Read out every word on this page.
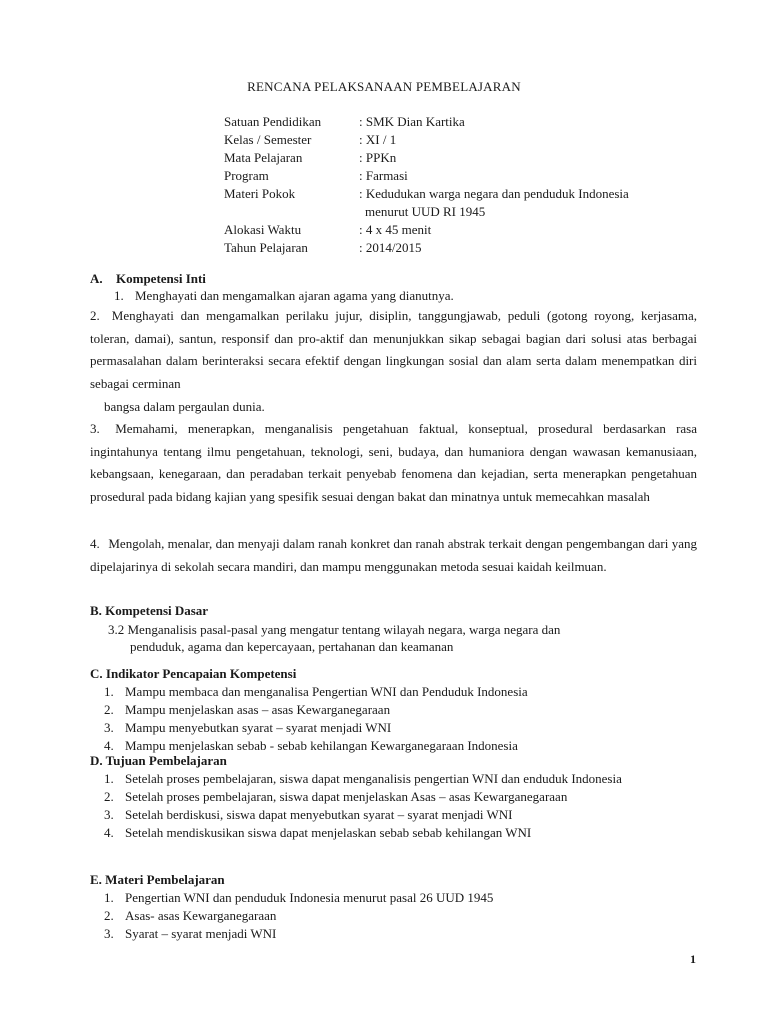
RENCANA PELAKSANAAN PEMBELAJARAN
Satuan Pendidikan	: SMK Dian Kartika
Kelas / Semester	: XI / 1
Mata Pelajaran	: PPKn
Program	: Farmasi
Materi Pokok	: Kedudukan warga negara dan penduduk Indonesia
menurut UUD RI 1945
Alokasi Waktu	: 4 x 45 menit
Tahun Pelajaran	: 2014/2015
A. Kompetensi Inti
1. Menghayati dan mengamalkan ajaran agama yang dianutnya.
2. Menghayati dan mengamalkan perilaku jujur, disiplin, tanggungjawab, peduli (gotong royong, kerjasama, toleran, damai), santun, responsif dan pro-aktif dan menunjukkan sikap sebagai bagian dari solusi atas berbagai permasalahan dalam berinteraksi secara efektif dengan lingkungan sosial dan alam serta dalam menempatkan diri sebagai cerminan
bangsa dalam pergaulan dunia.
3. Memahami, menerapkan, menganalisis pengetahuan faktual, konseptual, prosedural berdasarkan rasa ingintahunya tentang ilmu pengetahuan, teknologi, seni, budaya, dan humaniora dengan wawasan kemanusiaan, kebangsaan, kenegaraan, dan peradaban terkait penyebab fenomena dan kejadian, serta menerapkan pengetahuan prosedural pada bidang kajian yang spesifik sesuai dengan bakat dan minatnya untuk memecahkan masalah
4. Mengolah, menalar, dan menyaji dalam ranah konkret dan ranah abstrak terkait dengan pengembangan dari yang dipelajarinya di sekolah secara mandiri, dan mampu menggunakan metoda sesuai kaidah keilmuan.
B. Kompetensi Dasar
3.2 Menganalisis pasal-pasal yang mengatur tentang wilayah negara, warga negara dan
penduduk, agama dan kepercayaan, pertahanan dan keamanan
C. Indikator Pencapaian Kompetensi
1. Mampu membaca dan menganalisa Pengertian WNI dan Penduduk Indonesia
2. Mampu menjelaskan asas – asas Kewarganegaraan
3. Mampu menyebutkan syarat – syarat menjadi WNI
4. Mampu menjelaskan sebab - sebab kehilangan Kewarganegaraan Indonesia
D. Tujuan Pembelajaran
1. Setelah proses pembelajaran, siswa dapat menganalisis pengertian WNI dan enduduk Indonesia
2. Setelah proses pembelajaran, siswa dapat menjelaskan Asas – asas Kewarganegaraan
3. Setelah berdiskusi, siswa dapat menyebutkan syarat – syarat menjadi WNI
4. Setelah mendiskusikan siswa dapat menjelaskan sebab sebab kehilangan WNI
E. Materi Pembelajaran
1. Pengertian WNI dan penduduk Indonesia menurut pasal 26 UUD 1945
2. Asas- asas Kewarganegaraan
3. Syarat – syarat menjadi WNI
1
